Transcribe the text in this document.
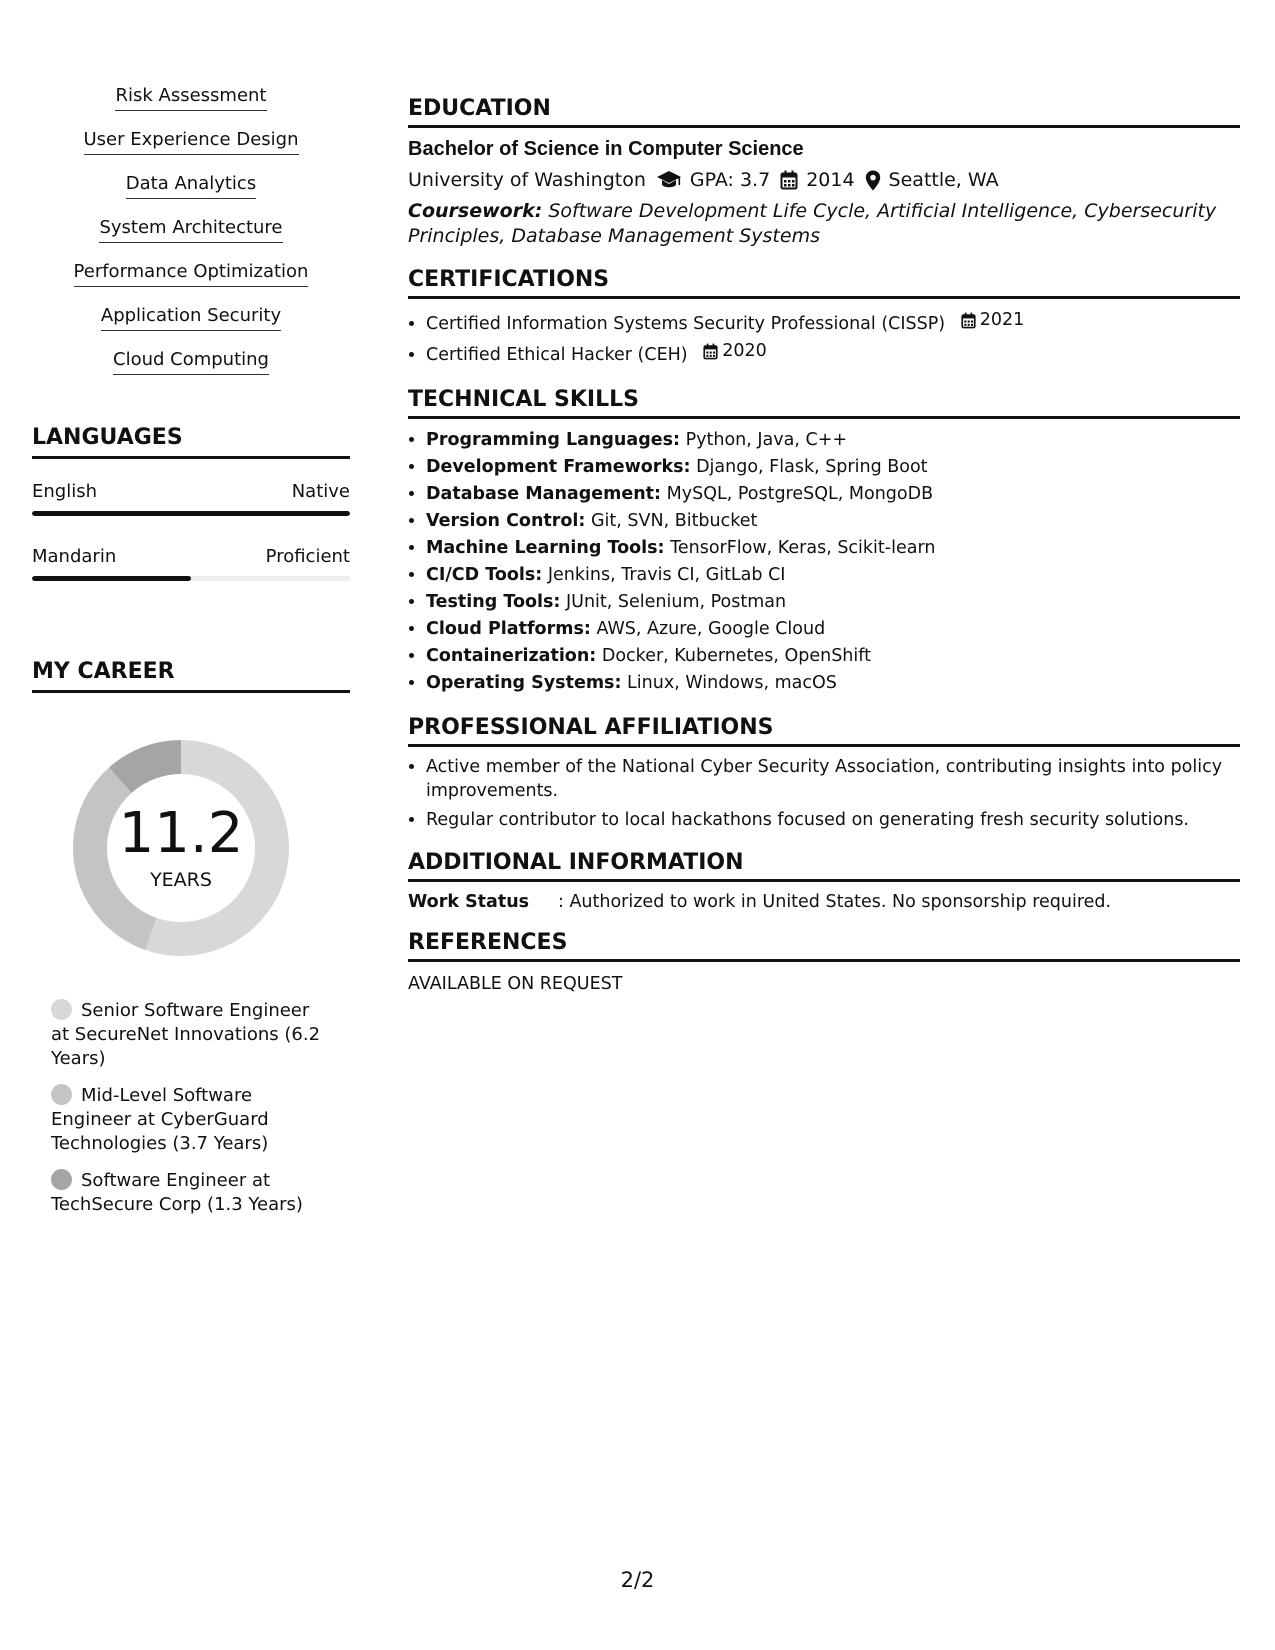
Risk Assessment
User Experience Design
Data Analytics
System Architecture
Performance Optimization
Application Security
Cloud Computing
LANGUAGES
English	Native
Mandarin	Proficient
MY CAREER
11.2
YEARS
Senior Software Engineer at SecureNet Innovations (6.2 Years)
Mid-Level Software Engineer at CyberGuard Technologies (3.7 Years)
Software Engineer at TechSecure Corp (1.3 Years)
EDUCATION
Bachelor of Science in Computer Science
University of Washington GPA: 3.7 2014 Seattle, WA
Coursework: Software Development Life Cycle, Artificial Intelligence, Cybersecurity Principles, Database Management Systems
CERTIFICATIONS
• Certified Information Systems Security Professional (CISSP) 2021
• Certified Ethical Hacker (CEH) 2020
TECHNICAL SKILLS
• Programming Languages: Python, Java, C++
• Development Frameworks: Django, Flask, Spring Boot
• Database Management: MySQL, PostgreSQL, MongoDB
• Version Control: Git, SVN, Bitbucket
• Machine Learning Tools: TensorFlow, Keras, Scikit-learn
• CI/CD Tools: Jenkins, Travis CI, GitLab CI
• Testing Tools: JUnit, Selenium, Postman
• Cloud Platforms: AWS, Azure, Google Cloud
• Containerization: Docker, Kubernetes, OpenShift
• Operating Systems: Linux, Windows, macOS
PROFESSIONAL AFFILIATIONS
• Active member of the National Cyber Security Association, contributing insights into policy improvements.
• Regular contributor to local hackathons focused on generating fresh security solutions.
ADDITIONAL INFORMATION
Work Status	: Authorized to work in United States. No sponsorship required.
REFERENCES
AVAILABLE ON REQUEST
2/2
